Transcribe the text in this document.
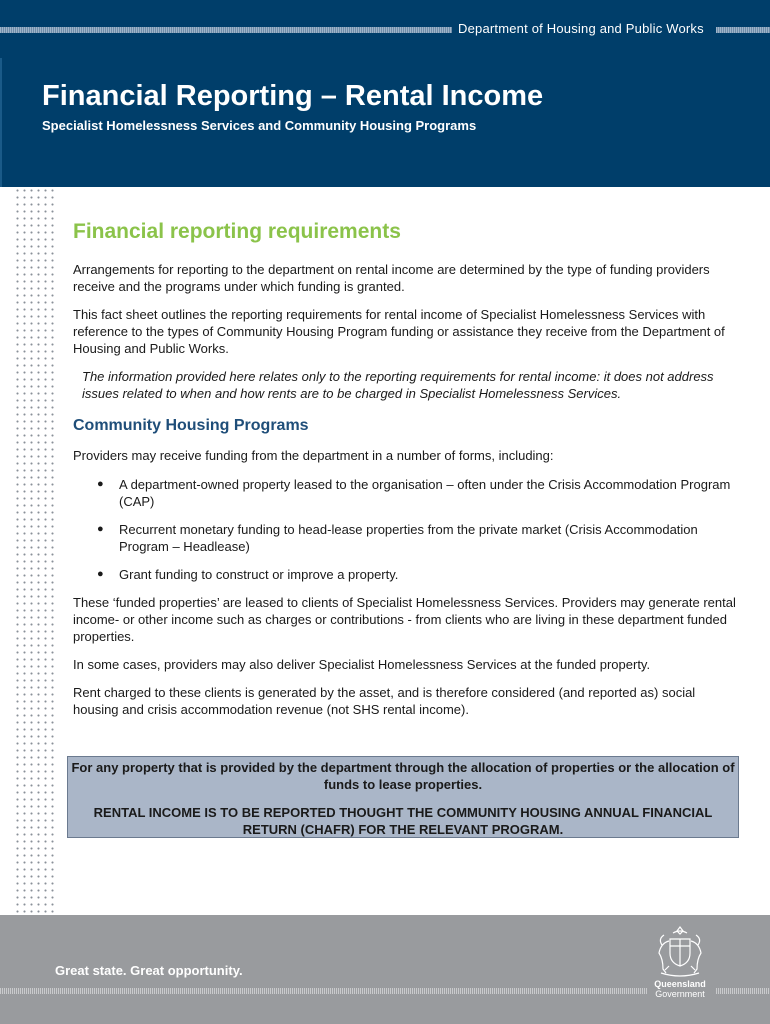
Department of Housing and Public Works
Financial Reporting – Rental Income
Specialist Homelessness Services and Community Housing Programs
Financial reporting requirements

Arrangements for reporting to the department on rental income are determined by the type of funding providers receive and the programs under which funding is granted.

This fact sheet outlines the reporting requirements for rental income of Specialist Homelessness Services with reference to the types of Community Housing Program funding or assistance they receive from the Department of Housing and Public Works.

The information provided here relates only to the reporting requirements for rental income: it does not address issues related to when and how rents are to be charged in Specialist Homelessness Services.

Community Housing Programs

Providers may receive funding from the department in a number of forms, including:

● A department-owned property leased to the organisation – often under the Crisis Accommodation Program (CAP)
● Recurrent monetary funding to head-lease properties from the private market (Crisis Accommodation Program – Headlease)
● Grant funding to construct or improve a property.

These ‘funded properties’ are leased to clients of Specialist Homelessness Services. Providers may generate rental income- or other income such as charges or contributions - from clients who are living in these department funded properties.

In some cases, providers may also deliver Specialist Homelessness Services at the funded property.

Rent charged to these clients is generated by the asset, and is therefore considered (and reported as) social housing and crisis accommodation revenue (not SHS rental income).

For any property that is provided by the department through the allocation of properties or the allocation of funds to lease properties.

RENTAL INCOME IS TO BE REPORTED THOUGHT THE COMMUNITY HOUSING ANNUAL FINANCIAL RETURN (CHAFR) FOR THE RELEVANT PROGRAM.

Great state. Great opportunity.
Queensland
Government
